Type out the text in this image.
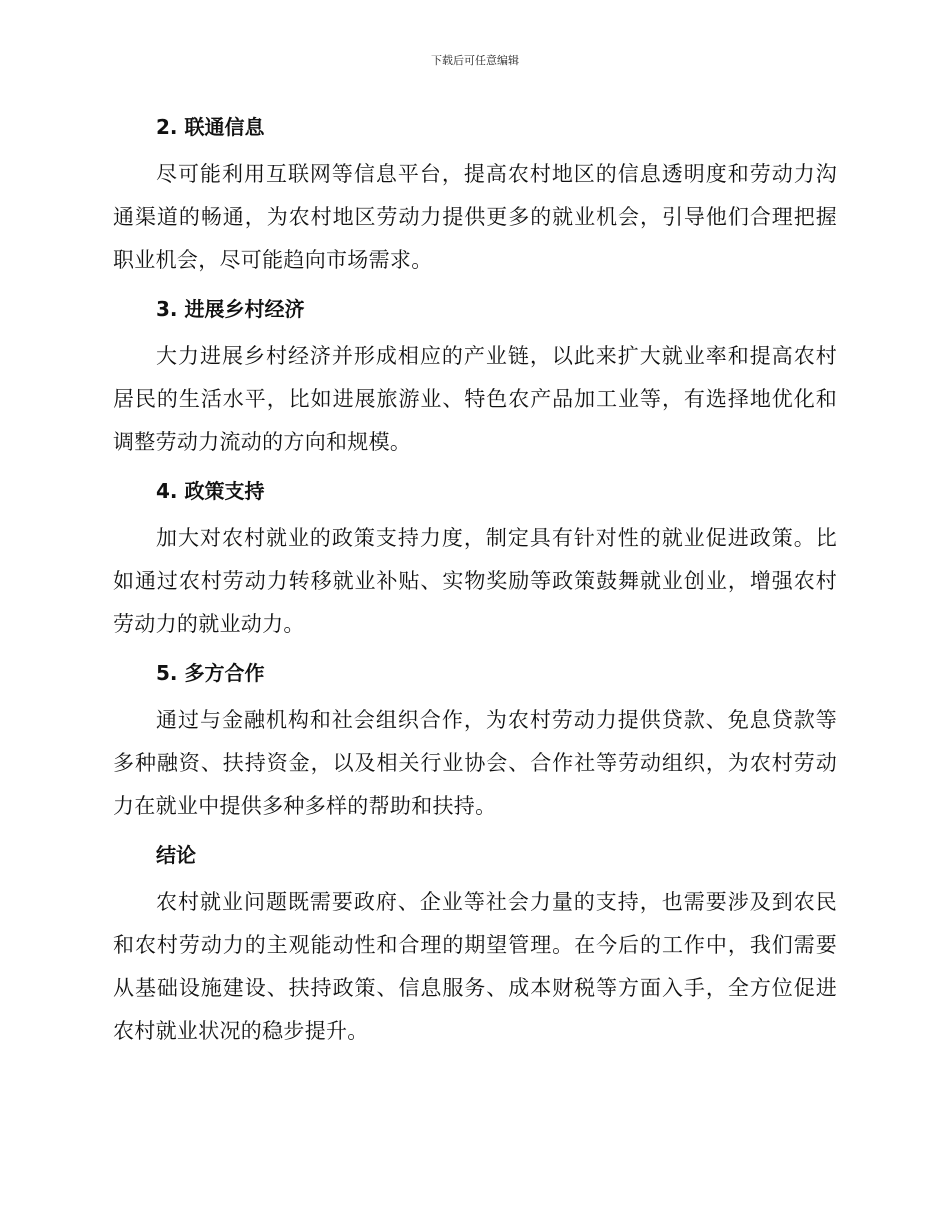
下载后可任意编辑
2. 联通信息

尽可能利用互联网等信息平台，提高农村地区的信息透明度和劳动力沟通渠道的畅通，为农村地区劳动力提供更多的就业机会，引导他们合理把握职业机会，尽可能趋向市场需求。

3. 进展乡村经济

大力进展乡村经济并形成相应的产业链，以此来扩大就业率和提高农村居民的生活水平，比如进展旅游业、特色农产品加工业等，有选择地优化和调整劳动力流动的方向和规模。

4. 政策支持

加大对农村就业的政策支持力度，制定具有针对性的就业促进政策。比如通过农村劳动力转移就业补贴、实物奖励等政策鼓舞就业创业，增强农村劳动力的就业动力。

5. 多方合作

通过与金融机构和社会组织合作，为农村劳动力提供贷款、免息贷款等多种融资、扶持资金，以及相关行业协会、合作社等劳动组织，为农村劳动力在就业中提供多种多样的帮助和扶持。

结论

农村就业问题既需要政府、企业等社会力量的支持，也需要涉及到农民和农村劳动力的主观能动性和合理的期望管理。在今后的工作中，我们需要从基础设施建设、扶持政策、信息服务、成本财税等方面入手，全方位促进农村就业状况的稳步提升。
